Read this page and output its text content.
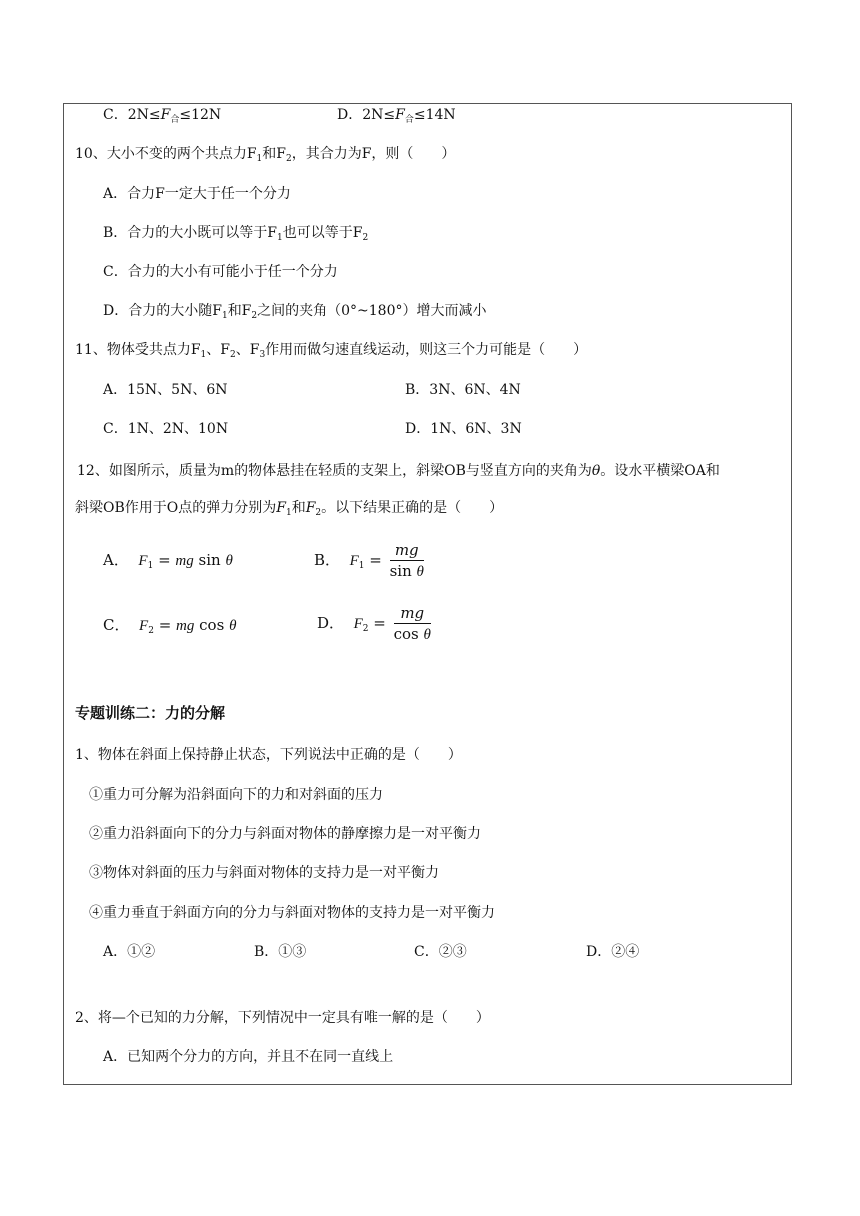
C．$2N\le F_合\le 12N$	D．$2N\le F_合\le 14N$
10、大小不变的两个共点力$F_1$和$F_2$，其合力为F，则（　　）
A．合力F一定大于任一个分力
B．合力的大小既可以等于$F_1$也可以等于$F_2$
C．合力的大小有可能小于任一个分力
D．合力的大小随$F_1$和$F_2$之间的夹角（0°~180°）增大而减小
11、物体受共点力$F_1$、$F_2$、$F_3$作用而做匀速直线运动，则这三个力可能是（　　）
A．15N、5N、6N	B．3N、6N、4N
C．1N、2N、10N	D．1N、6N、3N
12、如图所示，质量为m的物体悬挂在轻质的支架上，斜梁OB与竖直方向的夹角为θ。设水平横梁OA和
斜梁OB作用于O点的弹力分别为$F_1$和$F_2$。以下结果正确的是（　　）
A． $F_1$ = mg sin θ	B． $F_1 = \frac{mg}{\text{sin θ}}$
C． $F_2$ = mg cos θ	D． $F_2 = \frac{mg}{\text{cos θ}}$
专题训练二：力的分解
1、物体在斜面上保持静止状态，下列说法中正确的是（　　）
①重力可分解为沿斜面向下的力和对斜面的压力
②重力沿斜面向下的分力与斜面对物体的静摩擦力是一对平衡力
③物体对斜面的压力与斜面对物体的支持力是一对平衡力
④重力垂直于斜面方向的分力与斜面对物体的支持力是一对平衡力
A．①②	B．①③	C．②③	D．②④
2、将—个已知的力分解，下列情况中一定具有唯一解的是（　　）
A．已知两个分力的方向，并且不在同一直线上
